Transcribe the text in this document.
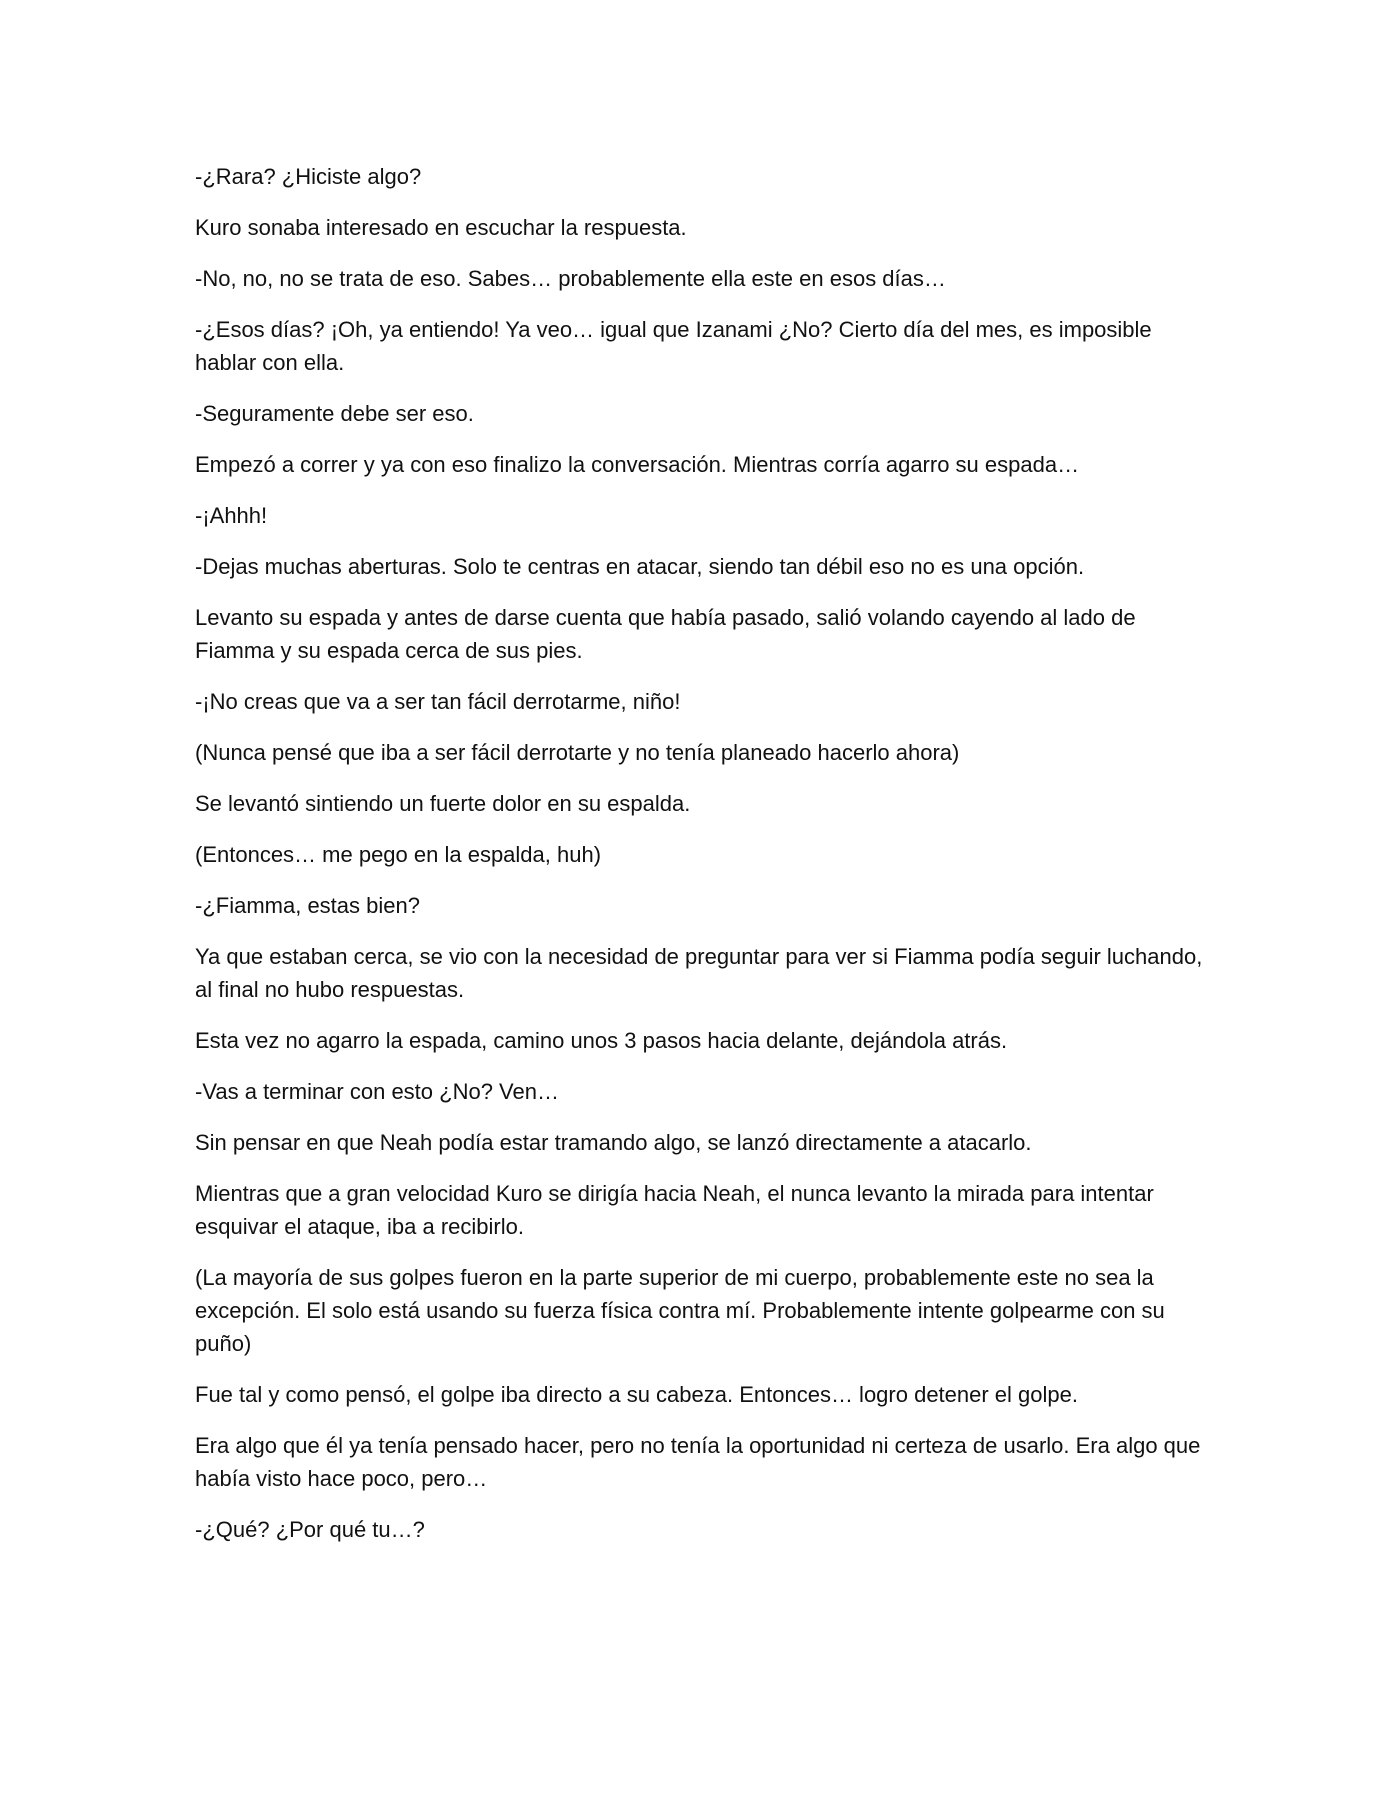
-¿Rara? ¿Hiciste algo?

Kuro sonaba interesado en escuchar la respuesta.

-No, no, no se trata de eso. Sabes… probablemente ella este en esos días…

-¿Esos días? ¡Oh, ya entiendo! Ya veo… igual que Izanami ¿No? Cierto día del mes, es imposible hablar con ella.

-Seguramente debe ser eso.

Empezó a correr y ya con eso finalizo la conversación. Mientras corría agarro su espada…

-¡Ahhh!

-Dejas muchas aberturas. Solo te centras en atacar, siendo tan débil eso no es una opción.

Levanto su espada y antes de darse cuenta que había pasado, salió volando cayendo al lado de Fiamma y su espada cerca de sus pies.

-¡No creas que va a ser tan fácil derrotarme, niño!

(Nunca pensé que iba a ser fácil derrotarte y no tenía planeado hacerlo ahora)

Se levantó sintiendo un fuerte dolor en su espalda.

(Entonces… me pego en la espalda, huh)

-¿Fiamma, estas bien?

Ya que estaban cerca, se vio con la necesidad de preguntar para ver si Fiamma podía seguir luchando, al final no hubo respuestas.

Esta vez no agarro la espada, camino unos 3 pasos hacia delante, dejándola atrás.

-Vas a terminar con esto ¿No? Ven…

Sin pensar en que Neah podía estar tramando algo, se lanzó directamente a atacarlo.

Mientras que a gran velocidad Kuro se dirigía hacia Neah, el nunca levanto la mirada para intentar esquivar el ataque, iba a recibirlo.

(La mayoría de sus golpes fueron en la parte superior de mi cuerpo, probablemente este no sea la excepción. El solo está usando su fuerza física contra mí. Probablemente intente golpearme con su puño)

Fue tal y como pensó, el golpe iba directo a su cabeza. Entonces… logro detener el golpe.

Era algo que él ya tenía pensado hacer, pero no tenía la oportunidad ni certeza de usarlo. Era algo que había visto hace poco, pero…

-¿Qué? ¿Por qué tu…?
